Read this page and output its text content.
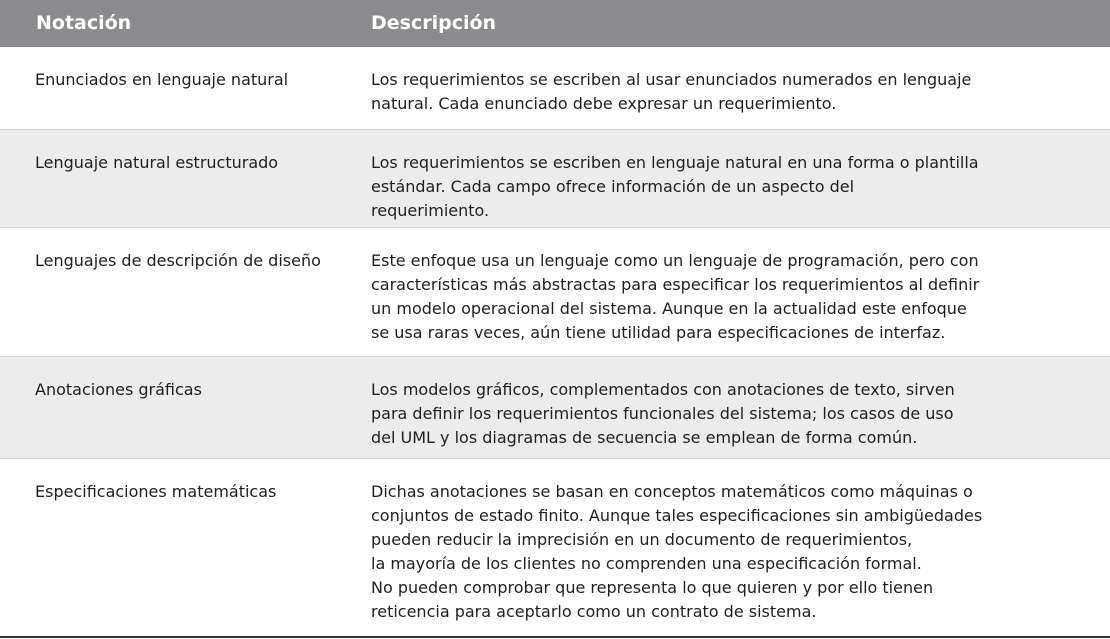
Notación	Descripción
Enunciados en lenguaje natural	Los requerimientos se escriben al usar enunciados numerados en lenguaje
natural. Cada enunciado debe expresar un requerimiento.
Lenguaje natural estructurado	Los requerimientos se escriben en lenguaje natural en una forma o plantilla
estándar. Cada campo ofrece información de un aspecto del
requerimiento.
Lenguajes de descripción de diseño	Este enfoque usa un lenguaje como un lenguaje de programación, pero con
características más abstractas para especificar los requerimientos al definir
un modelo operacional del sistema. Aunque en la actualidad este enfoque
se usa raras veces, aún tiene utilidad para especificaciones de interfaz.
Anotaciones gráficas	Los modelos gráficos, complementados con anotaciones de texto, sirven
para definir los requerimientos funcionales del sistema; los casos de uso
del UML y los diagramas de secuencia se emplean de forma común.
Especificaciones matemáticas	Dichas anotaciones se basan en conceptos matemáticos como máquinas o
conjuntos de estado finito. Aunque tales especificaciones sin ambigüedades
pueden reducir la imprecisión en un documento de requerimientos,
la mayoría de los clientes no comprenden una especificación formal.
No pueden comprobar que representa lo que quieren y por ello tienen
reticencia para aceptarlo como un contrato de sistema.
